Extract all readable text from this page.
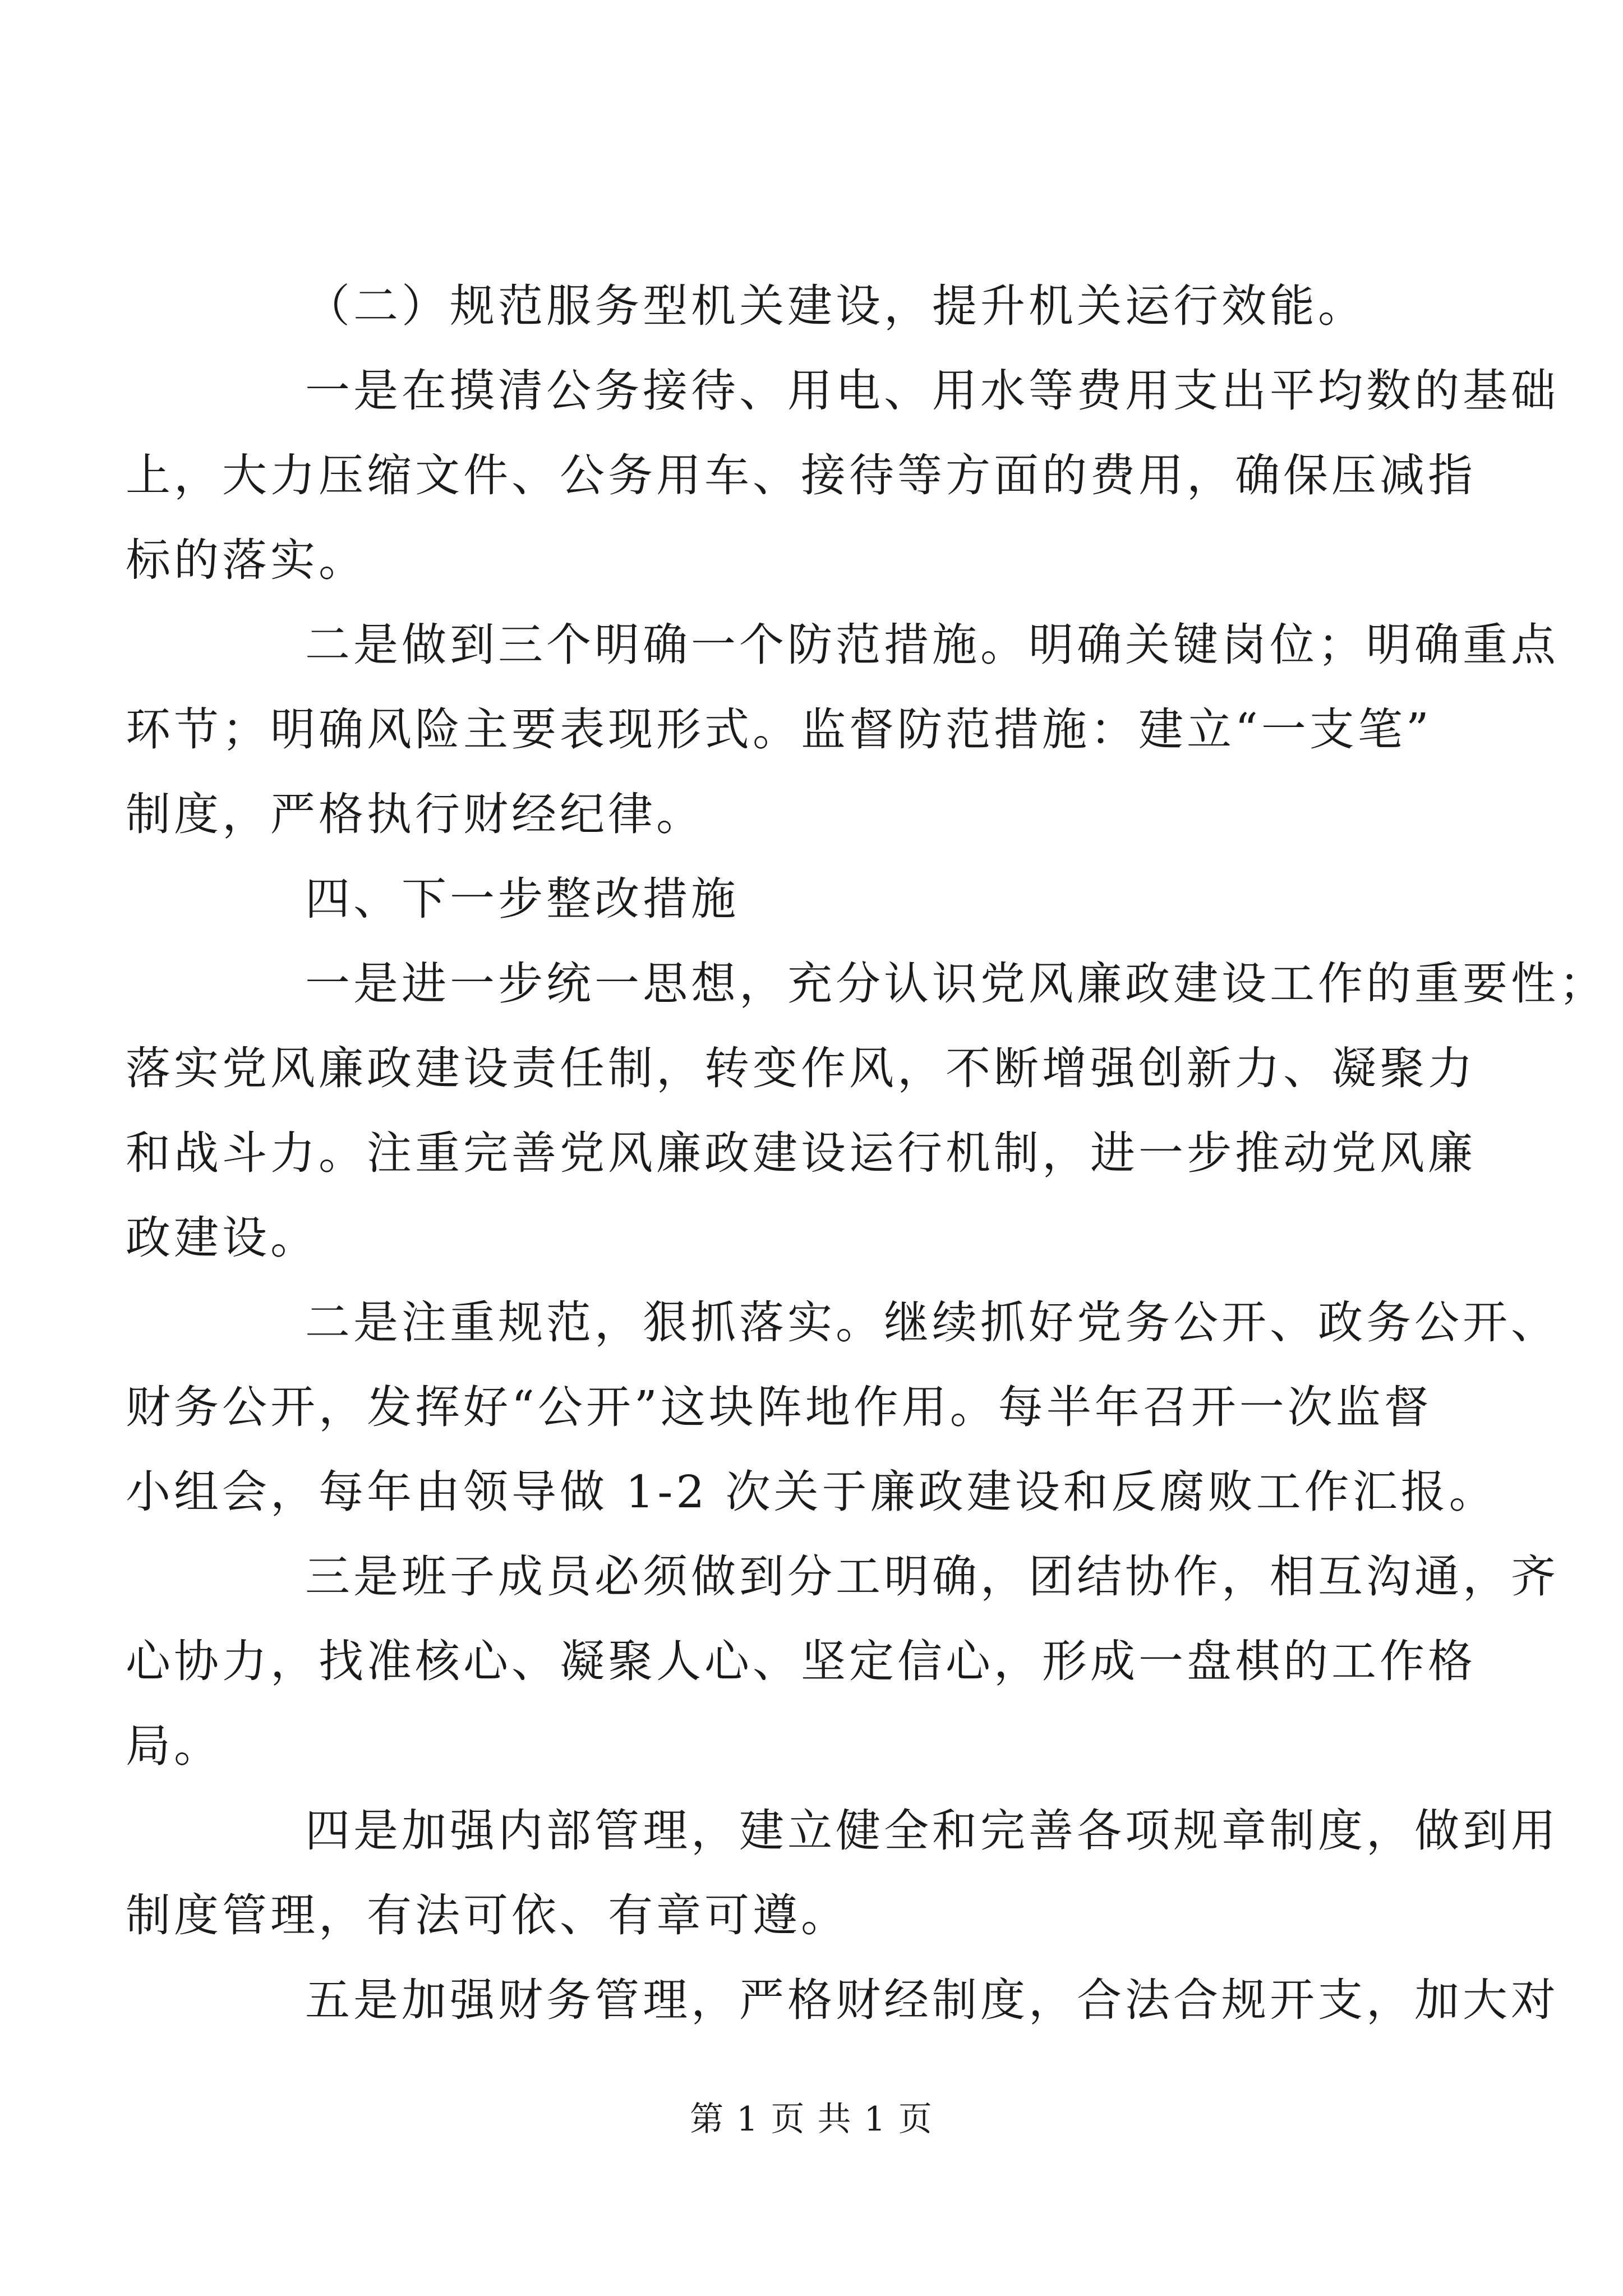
（二）规范服务型机关建设，提升机关运行效能。

一是在摸清公务接待、用电、用水等费用支出平均数的基础
上，大力压缩文件、公务用车、接待等方面的费用，确保压减指
标的落实。

二是做到三个明确一个防范措施。明确关键岗位；明确重点
环节；明确风险主要表现形式。监督防范措施：建立“一支笔”
制度，严格执行财经纪律。

四、下一步整改措施

一是进一步统一思想，充分认识党风廉政建设工作的重要性；
落实党风廉政建设责任制，转变作风，不断增强创新力、凝聚力
和战斗力。注重完善党风廉政建设运行机制，进一步推动党风廉
政建设。

二是注重规范，狠抓落实。继续抓好党务公开、政务公开、
财务公开，发挥好“公开”这块阵地作用。每半年召开一次监督
小组会，每年由领导做 1-2 次关于廉政建设和反腐败工作汇报。

三是班子成员必须做到分工明确，团结协作，相互沟通，齐
心协力，找准核心、凝聚人心、坚定信心，形成一盘棋的工作格
局。

四是加强内部管理，建立健全和完善各项规章制度，做到用
制度管理，有法可依、有章可遵。

五是加强财务管理，严格财经制度，合法合规开支，加大对

第 1 页 共 1 页
